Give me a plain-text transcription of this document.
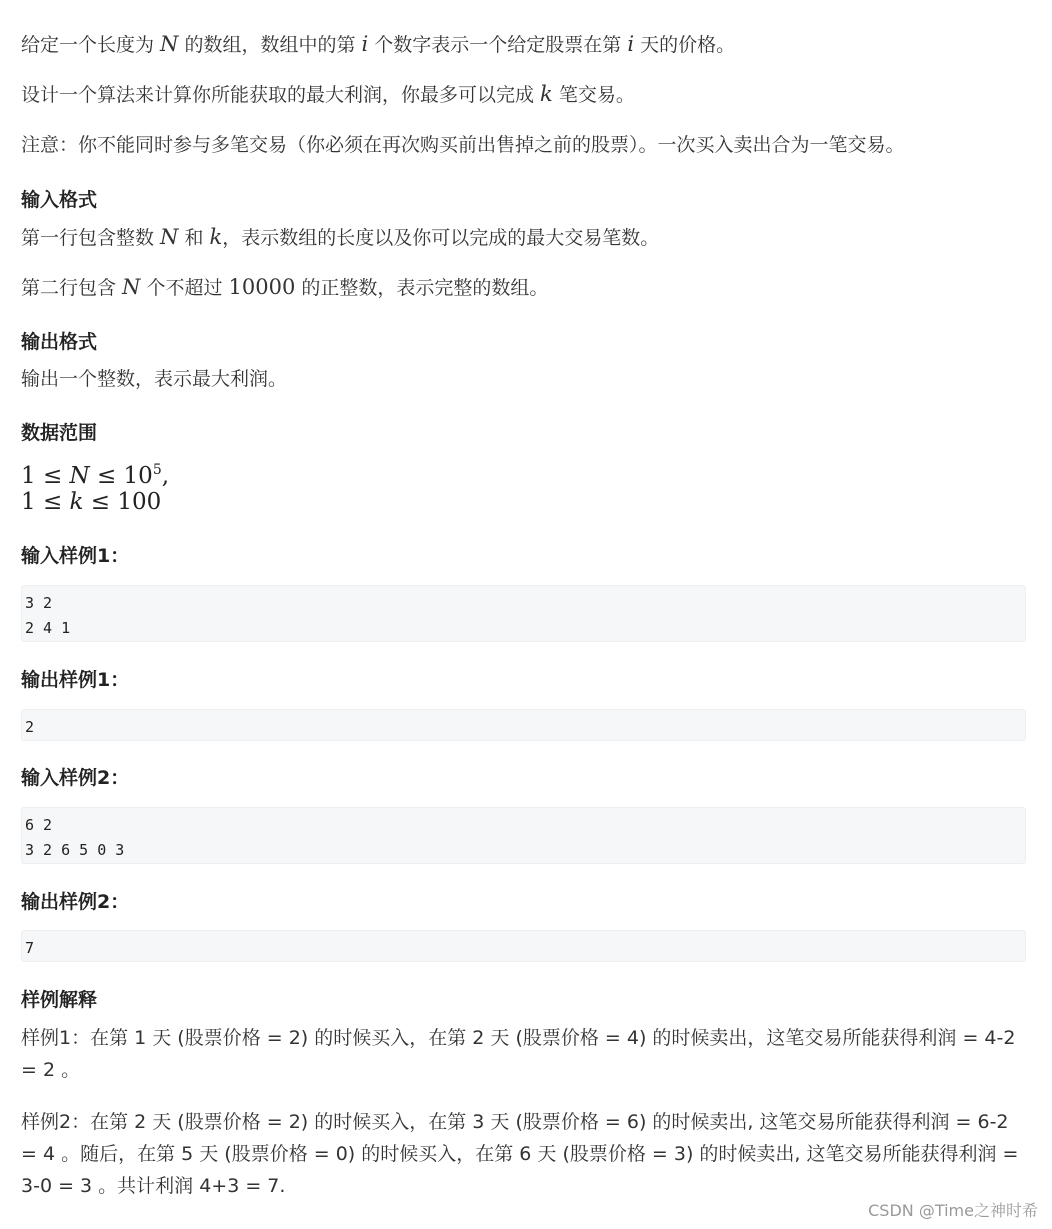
给定一个长度为 N 的数组，数组中的第 i 个数字表示一个给定股票在第 i 天的价格。

设计一个算法来计算你所能获取的最大利润，你最多可以完成 k 笔交易。

注意：你不能同时参与多笔交易（你必须在再次购买前出售掉之前的股票）。一次买入卖出合为一笔交易。

输入格式

第一行包含整数 N 和 k，表示数组的长度以及你可以完成的最大交易笔数。

第二行包含 N 个不超过 10000 的正整数，表示完整的数组。

输出格式

输出一个整数，表示最大利润。

数据范围
$1 \le N \le 10^5$,
1 ≤ k ≤ 100
输入样例1：
3 2
2 4 1
输出样例1：
2
输入样例2：
6 2
3 2 6 5 0 3
输出样例2：
7
样例解释

样例1：在第 1 天 (股票价格 = 2) 的时候买入，在第 2 天 (股票价格 = 4) 的时候卖出，这笔交易所能获得利润 = 4-2 = 2 。

样例2：在第 2 天 (股票价格 = 2) 的时候买入，在第 3 天 (股票价格 = 6) 的时候卖出, 这笔交易所能获得利润 = 6-2 = 4 。随后，在第 5 天 (股票价格 = 0) 的时候买入，在第 6 天 (股票价格 = 3) 的时候卖出, 这笔交易所能获得利润 = 3-0 = 3 。共计利润 4+3 = 7.

CSDN @Time之神时希
